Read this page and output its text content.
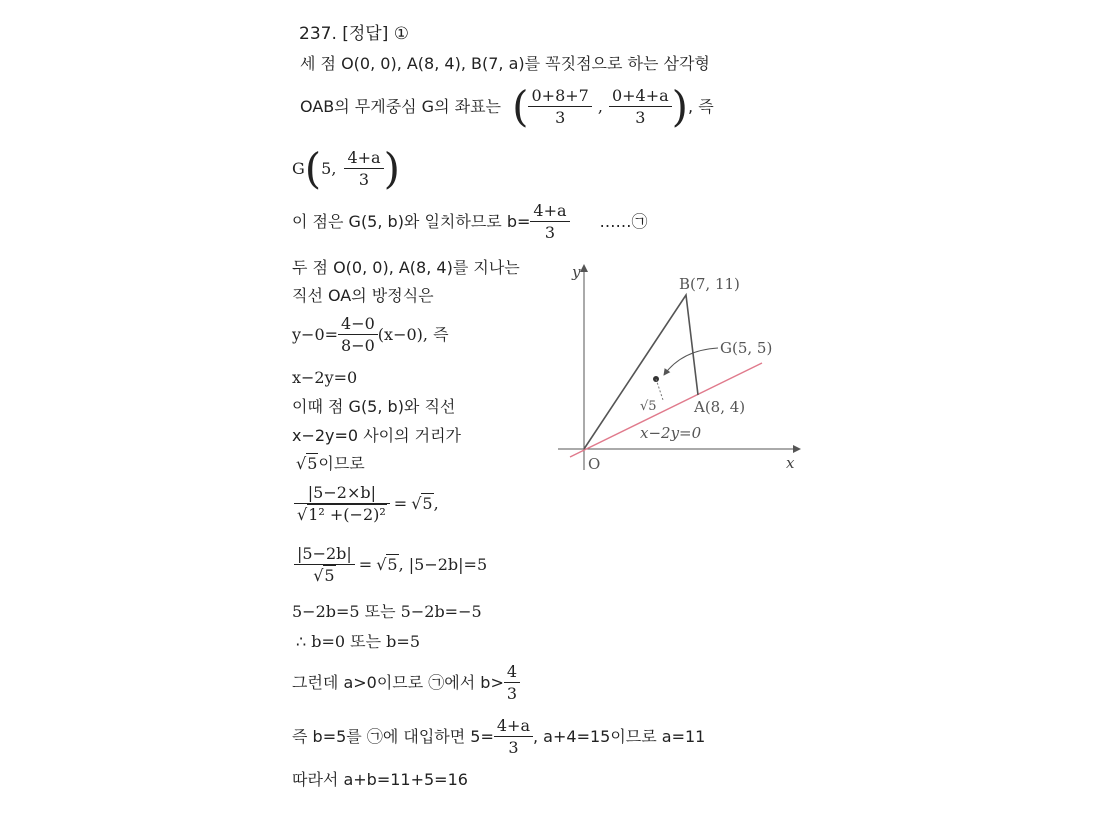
237. [정답] ①
세 점 O(0, 0), A(8, 4), B(7, a)를 꼭짓점으로 하는 삼각형
OAB의 무게중심 G의 좌표는 ( $\frac{0+8+7}{3}$ , $\frac{0+4+a}{3}$ ), 즉
G(5, $\frac{4+a}{3}$ )
이 점은 G(5, b)와 일치하므로 $b= \frac{4+a}{3}$ ……㉠
두 점 O(0, 0), A(8, 4)를 지나는
직선 OA의 방정식은
$y-0= \frac{4-0}{8-0} (x-0)$, 즉
x−2y=0
이때 점 G(5, b)와 직선
x−2y=0 사이의 거리가
√5이므로
$\frac{|5-2\times b|}{\text{√1² +(−2)²}} = √5$,
$\frac{|5-2b|}{√5} = √5$, |5−2b|=5
5−2b=5 또는 5−2b=−5
∴ b=0 또는 b=5
그런데 a>0이므로 ㉠에서 $b> \frac{4}{3}$
즉 b=5를 ㉠에 대입하면 $5= \frac{4+a}{3}$ , a+4=15이므로 a=11
따라서 a+b=11+5=16
y
x
O
B(7, 11)
G(5, 5)
A(8, 4)
√5
x−2y=0
